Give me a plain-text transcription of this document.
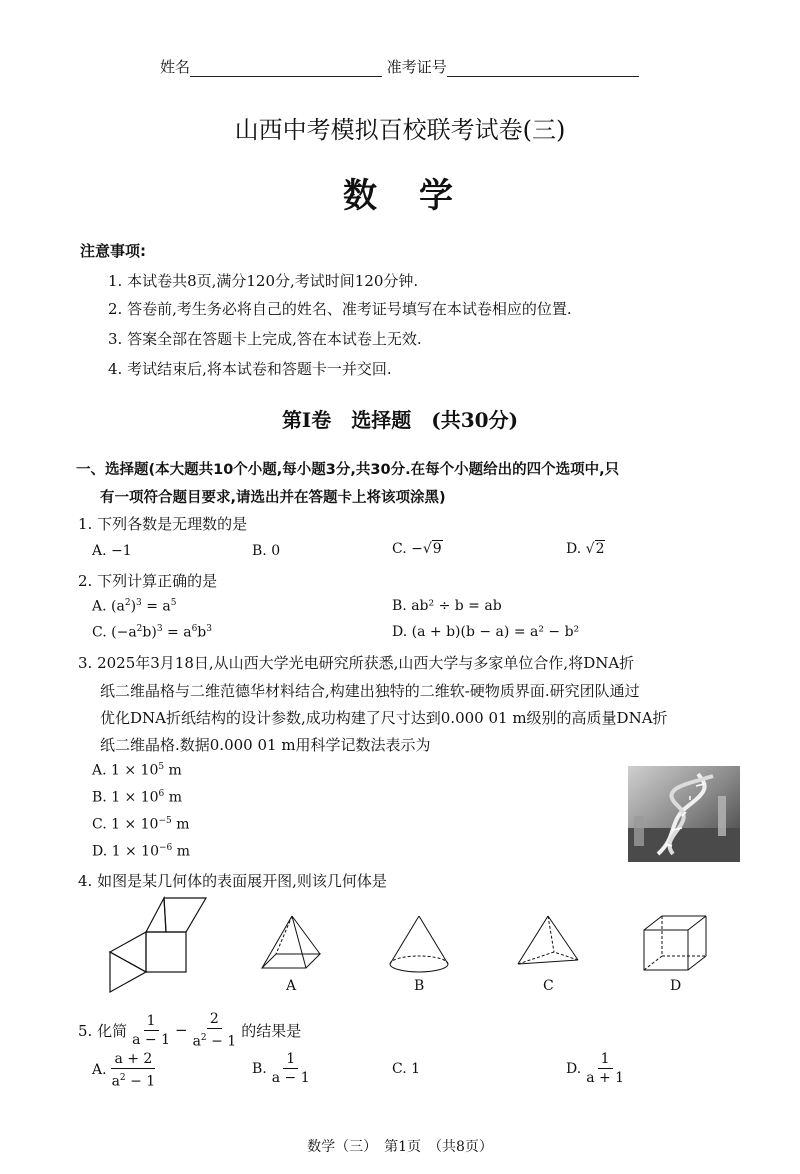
姓名	准考证号
山西中考模拟百校联考试卷(三)
数　学
注意事项:
1. 本试卷共8页,满分120分,考试时间120分钟.
2. 答卷前,考生务必将自己的姓名、准考证号填写在本试卷相应的位置.
3. 答案全部在答题卡上完成,答在本试卷上无效.
4. 考试结束后,将本试卷和答题卡一并交回.
第Ⅰ卷　选择题　(共30分)
一、选择题(本大题共10个小题,每小题3分,共30分.在每个小题给出的四个选项中,只
有一项符合题目要求,请选出并在答题卡上将该项涂黑)
1. 下列各数是无理数的是
A. −1	B. 0	C. −√9	D. √2
2. 下列计算正确的是
A. $(a^2)^3 = a^5$	B. ab² ÷ b = ab
C. $(-a^2b)^3 = a^6b^3$	D. (a + b)(b − a) = a² − b²
3. 2025年3月18日,从山西大学光电研究所获悉,山西大学与多家单位合作,将DNA折
纸二维晶格与二维范德华材料结合,构建出独特的二维软-硬物质界面.研究团队通过
优化DNA折纸结构的设计参数,成功构建了尺寸达到0.000 01 m级别的高质量DNA折
纸二维晶格.数据0.000 01 m用科学记数法表示为
A. $1 \times 10^5$ m
B. $1 \times 10^6$ m
C. $1 \times 10^{-5}$ m
D. $1 \times 10^{-6}$ m
4. 如图是某几何体的表面展开图,则该几何体是
A	B	C	D
5. 化简 $\frac{1}{a - 1} - \frac{2}{a^2 - 1}$ 的结果是
A. $\frac{a + 2}{a^2 - 1}$	B. $\frac{1}{a - 1}$	C. 1	D. $\frac{1}{a + 1}$
数学（三）　第1页　（共8页）
